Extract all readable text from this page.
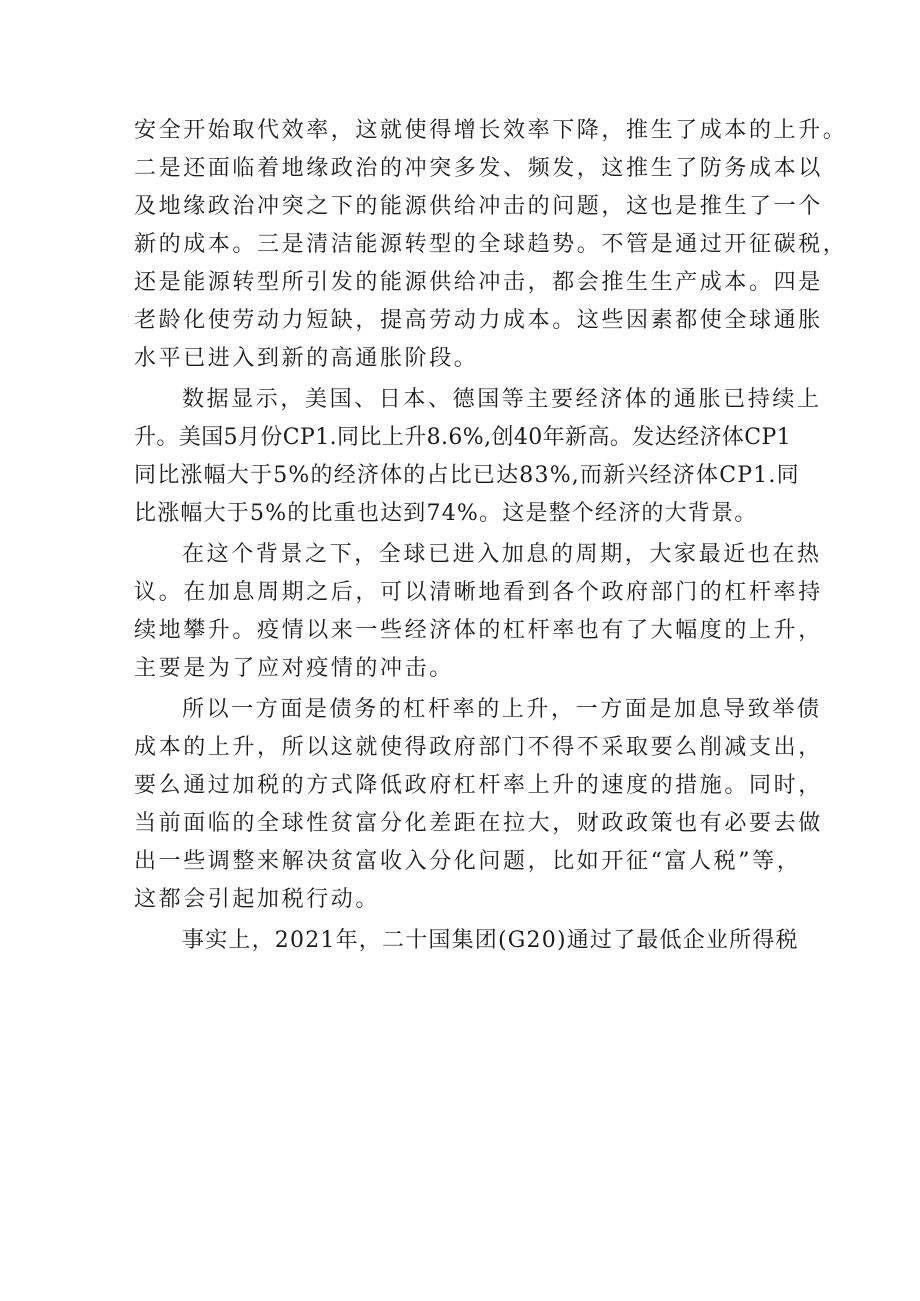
安全开始取代效率，这就使得增长效率下降，推生了成本的上升。
二是还面临着地缘政治的冲突多发、频发，这推生了防务成本以
及地缘政治冲突之下的能源供给冲击的问题，这也是推生了一个
新的成本。三是清洁能源转型的全球趋势。不管是通过开征碳税，
还是能源转型所引发的能源供给冲击，都会推生生产成本。四是
老龄化使劳动力短缺，提高劳动力成本。这些因素都使全球通胀
水平已进入到新的高通胀阶段。
数据显示，美国、日本、德国等主要经济体的通胀已持续上
升。美国5月份CP1.同比上升8.6%,创40年新高。发达经济体CP1
同比涨幅大于5%的经济体的占比已达83%,而新兴经济体CP1.同
比涨幅大于5%的比重也达到74%。这是整个经济的大背景。
在这个背景之下，全球已进入加息的周期，大家最近也在热
议。在加息周期之后，可以清晰地看到各个政府部门的杠杆率持
续地攀升。疫情以来一些经济体的杠杆率也有了大幅度的上升，
主要是为了应对疫情的冲击。
所以一方面是债务的杠杆率的上升，一方面是加息导致举债
成本的上升，所以这就使得政府部门不得不采取要么削减支出，
要么通过加税的方式降低政府杠杆率上升的速度的措施。同时，
当前面临的全球性贫富分化差距在拉大，财政政策也有必要去做
出一些调整来解决贫富收入分化问题，比如开征“富人税”等，
这都会引起加税行动。
事实上，2021年，二十国集团(G20)通过了最低企业所得税
